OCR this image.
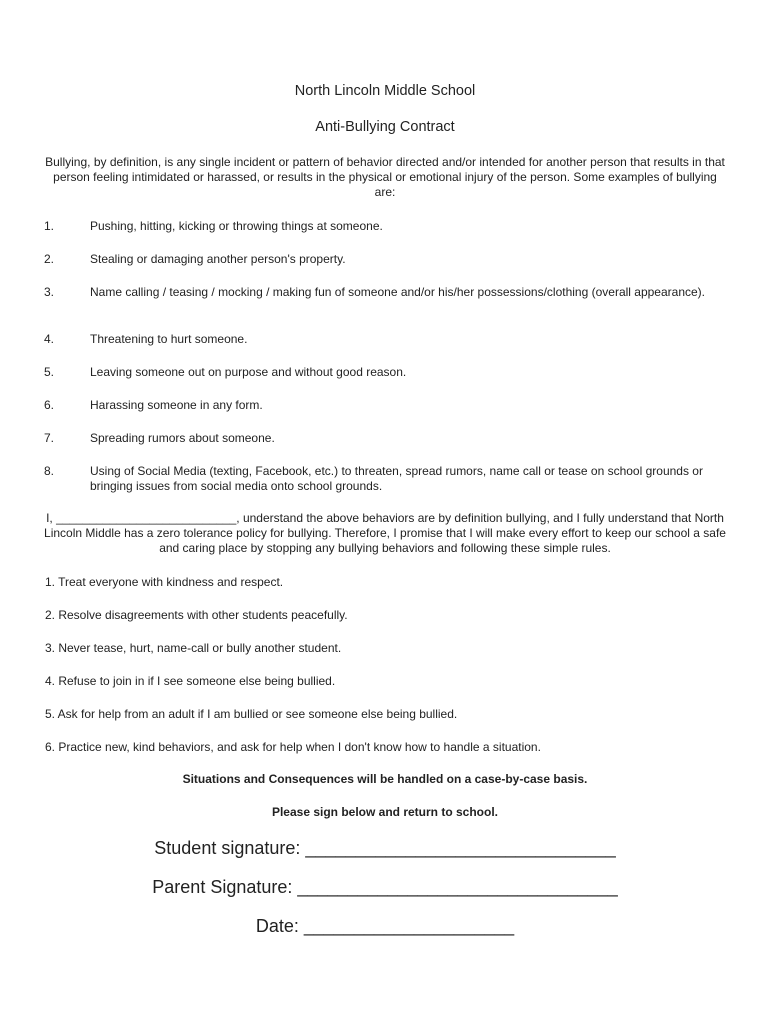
North Lincoln Middle School
Anti-Bullying Contract
Bullying, by definition, is any single incident or pattern of behavior directed and/or intended for another person that results in that person feeling intimidated or harassed, or results in the physical or emotional injury of the person. Some examples of bullying are:
1.	Pushing, hitting, kicking or throwing things at someone.
2.	Stealing or damaging another person's property.
3.	Name calling / teasing / mocking / making fun of someone and/or his/her possessions/clothing (overall appearance).
4.	Threatening to hurt someone.
5.	Leaving someone out on purpose and without good reason.
6.	Harassing someone in any form.
7.	Spreading rumors about someone.
8.	Using of Social Media (texting, Facebook, etc.) to threaten, spread rumors, name call or tease on school grounds or bringing issues from social media onto school grounds.
I, ___________________________, understand the above behaviors are by definition bullying, and I fully understand that North Lincoln Middle has a zero tolerance policy for bullying. Therefore, I promise that I will make every effort to keep our school a safe and caring place by stopping any bullying behaviors and following these simple rules.
1. Treat everyone with kindness and respect.
2. Resolve disagreements with other students peacefully.
3. Never tease, hurt, name-call or bully another student.
4. Refuse to join in if I see someone else being bullied.
5. Ask for help from an adult if I am bullied or see someone else being bullied.
6. Practice new, kind behaviors, and ask for help when I don't know how to handle a situation.
Situations and Consequences will be handled on a case-by-case basis.
Please sign below and return to school.
Student signature: _______________________________
Parent Signature: ________________________________
Date: _____________________
